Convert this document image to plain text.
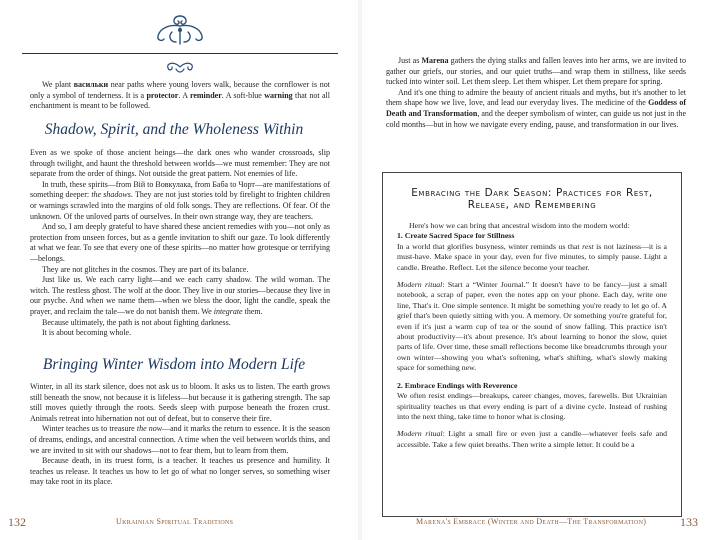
We plant васильки near paths where young lovers walk, because the cornflower is not only a symbol of tenderness. It is a protector. A reminder. A soft-blue warning that not all enchantment is meant to be followed.

Shadow, Spirit, and the Wholeness Within

Even as we spoke of those ancient beings—the dark ones who wander crossroads, slip through twilight, and haunt the threshold between worlds—we must remember: They are not separate from the order of things. Not outside the great pattern. Not enemies of life.

In truth, these spirits—from Вій to Вовкулака, from Баба to Чорт—are manifestations of something deeper: the shadows. They are not just stories told by firelight to frighten children or warnings scrawled into the margins of old folk songs. They are reflections. Of fear. Of the unknown. Of the unloved parts of ourselves. In their own strange way, they are teachers.

And so, I am deeply grateful to have shared these ancient remedies with you—not only as protection from unseen forces, but as a gentle invitation to shift our gaze. To look differently at what we fear. To see that every one of these spirits—no matter how grotesque or terrifying—belongs.

They are not glitches in the cosmos. They are part of its balance.

Just like us. We each carry light—and we each carry shadow. The wild woman. The witch. The restless ghost. The wolf at the door. They live in our stories—because they live in our psyche. And when we name them—when we bless the door, light the candle, speak the prayer, and reclaim the tale—we do not banish them. We integrate them.

Because ultimately, the path is not about fighting darkness.

It is about becoming whole.

Bringing Winter Wisdom into Modern Life

Winter, in all its stark silence, does not ask us to bloom. It asks us to listen. The earth grows still beneath the snow, not because it is lifeless—but because it is gathering strength. The sap still moves quietly through the roots. Seeds sleep with purpose beneath the frozen crust. Animals retreat into hibernation not out of defeat, but to conserve their fire.

Winter teaches us to treasure the now—and it marks the return to essence. It is the season of dreams, endings, and ancestral connection. A time when the veil between worlds thins, and we are invited to sit with our shadows—not to fear them, but to learn from them.

Because death, in its truest form, is a teacher. It teaches us presence and humility. It teaches us release. It teaches us how to let go of what no longer serves, so something wiser may take root in its place.

132	Ukrainian Spiritual Traditions

Just as Marena gathers the dying stalks and fallen leaves into her arms, we are invited to gather our griefs, our stories, and our quiet truths—and wrap them in stillness, like seeds tucked into winter soil. Let them sleep. Let them whisper. Let them prepare for spring.

And it's one thing to admire the beauty of ancient rituals and myths, but it's another to let them shape how we live, love, and lead our everyday lives. The medicine of the Goddess of Death and Transformation, and the deeper symbolism of winter, can guide us not just in the cold months—but in how we navigate every ending, pause, and transformation in our lives.

Embracing the Dark Season: Practices for Rest, Release, and Remembering

Here's how we can bring that ancestral wisdom into the modern world:

1. Create Sacred Space for Stillness

In a world that glorifies busyness, winter reminds us that rest is not laziness—it is a must-have. Make space in your day, even for five minutes, to simply pause. Light a candle. Breathe. Reflect. Let the silence become your teacher.

Modern ritual: Start a “Winter Journal.” It doesn't have to be fancy—just a small notebook, a scrap of paper, even the notes app on your phone. Each day, write one line, That's it. One simple sentence. It might be something you're ready to let go of. A grief that's been quietly sitting with you. A memory. Or something you're grateful for, even if it's just a warm cup of tea or the sound of snow falling. This practice isn't about productivity—it's about presence. It's about learning to honor the slow, quiet parts of life. Over time, these small reflections become like breadcrumbs through your own winter—showing you what's softening, what's shifting, what's slowly making space for something new.

2. Embrace Endings with Reverence

We often resist endings—breakups, career changes, moves, farewells. But Ukrainian spirituality teaches us that every ending is part of a divine cycle. Instead of rushing into the next thing, take time to honor what is closing.

Modern ritual: Light a small fire or even just a candle—whatever feels safe and accessible. Take a few quiet breaths. Then write a simple letter. It could be a

Marena's Embrace (Winter and Death—The Transformation)	133
